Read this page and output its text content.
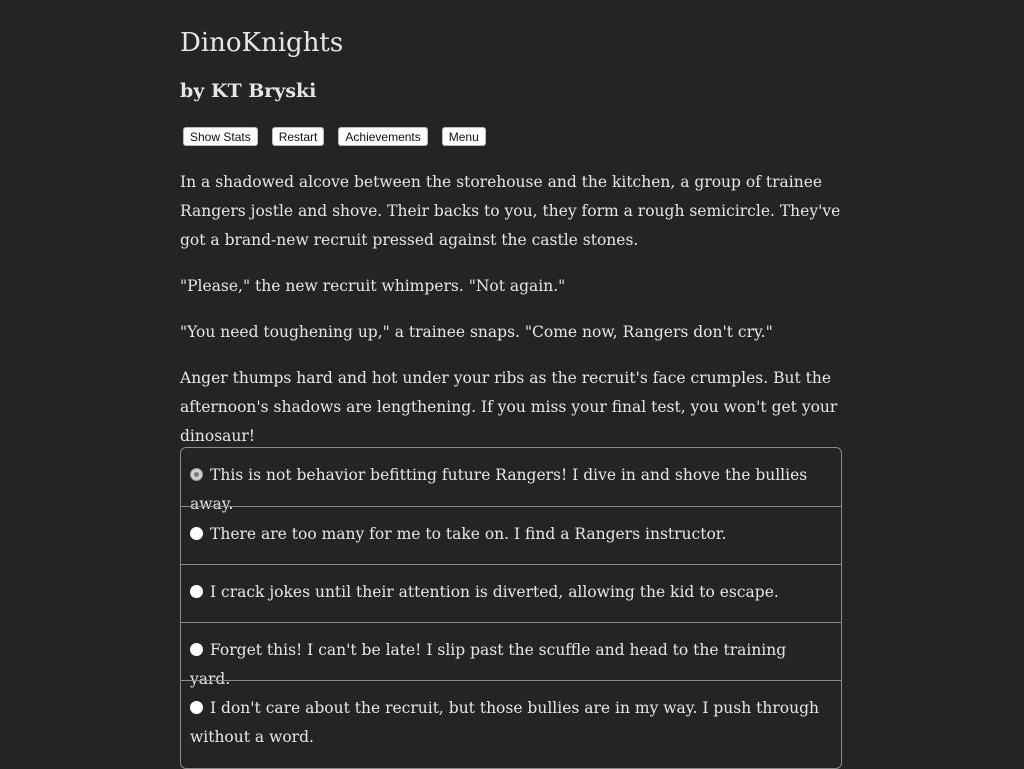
DinoKnights
by KT Bryski
Show Stats	Restart	Achievements	Menu

In a shadowed alcove between the storehouse and the kitchen, a group of trainee Rangers jostle and shove. Their backs to you, they form a rough semicircle. They've got a brand-new recruit pressed against the castle stones.

"Please," the new recruit whimpers. "Not again."

"You need toughening up," a trainee snaps. "Come now, Rangers don't cry."

Anger thumps hard and hot under your ribs as the recruit's face crumples. But the afternoon's shadows are lengthening. If you miss your final test, you won't get your dinosaur!

This is not behavior befitting future Rangers! I dive in and shove the bullies away.
There are too many for me to take on. I find a Rangers instructor.
I crack jokes until their attention is diverted, allowing the kid to escape.
Forget this! I can't be late! I slip past the scuffle and head to the training yard.
I don't care about the recruit, but those bullies are in my way. I push through without a word.
